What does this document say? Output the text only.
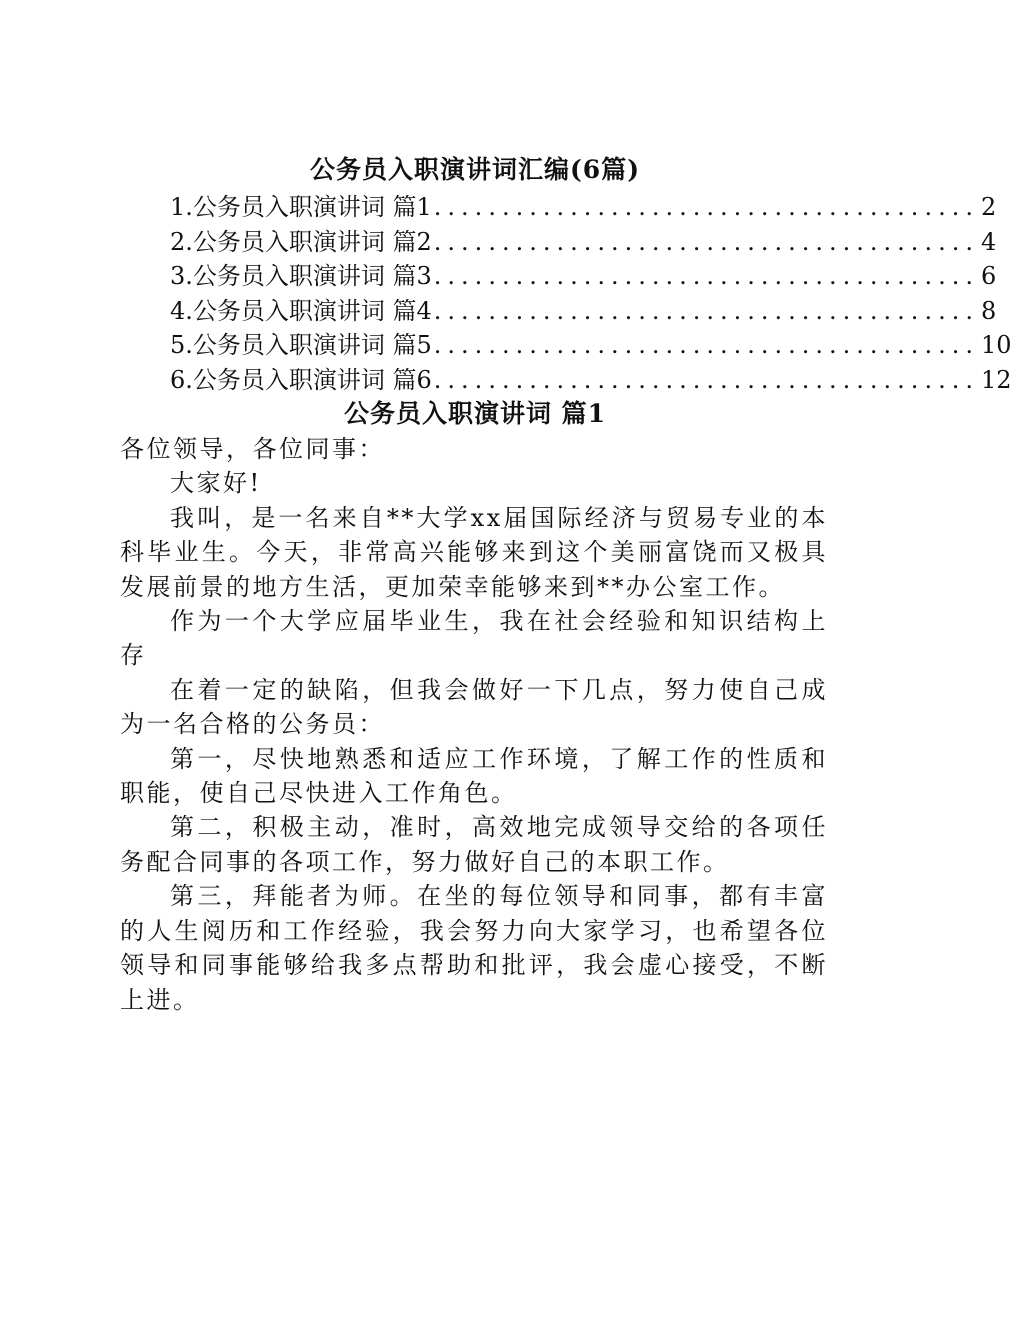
公务员入职演讲词汇编(6篇)
1.公务员入职演讲词 篇1 ........................................ 2
2.公务员入职演讲词 篇2 ........................................ 4
3.公务员入职演讲词 篇3 ........................................ 6
4.公务员入职演讲词 篇4 ........................................ 8
5.公务员入职演讲词 篇5 ........................................ 10
6.公务员入职演讲词 篇6 ........................................ 12
公务员入职演讲词 篇1

各位领导，各位同事：

大家好!

我叫，是一名来自**大学xx届国际经济与贸易专业的本科毕业生。今天，非常高兴能够来到这个美丽富饶而又极具发展前景的地方生活，更加荣幸能够来到**办公室工作。

作为一个大学应届毕业生，我在社会经验和知识结构上存

在着一定的缺陷，但我会做好一下几点，努力使自己成为一名合格的公务员：

第一，尽快地熟悉和适应工作环境，了解工作的性质和职能，使自己尽快进入工作角色。

第二，积极主动，准时，高效地完成领导交给的各项任务配合同事的各项工作，努力做好自己的本职工作。

第三，拜能者为师。在坐的每位领导和同事，都有丰富的人生阅历和工作经验，我会努力向大家学习，也希望各位领导和同事能够给我多点帮助和批评，我会虚心接受，不断上进。
